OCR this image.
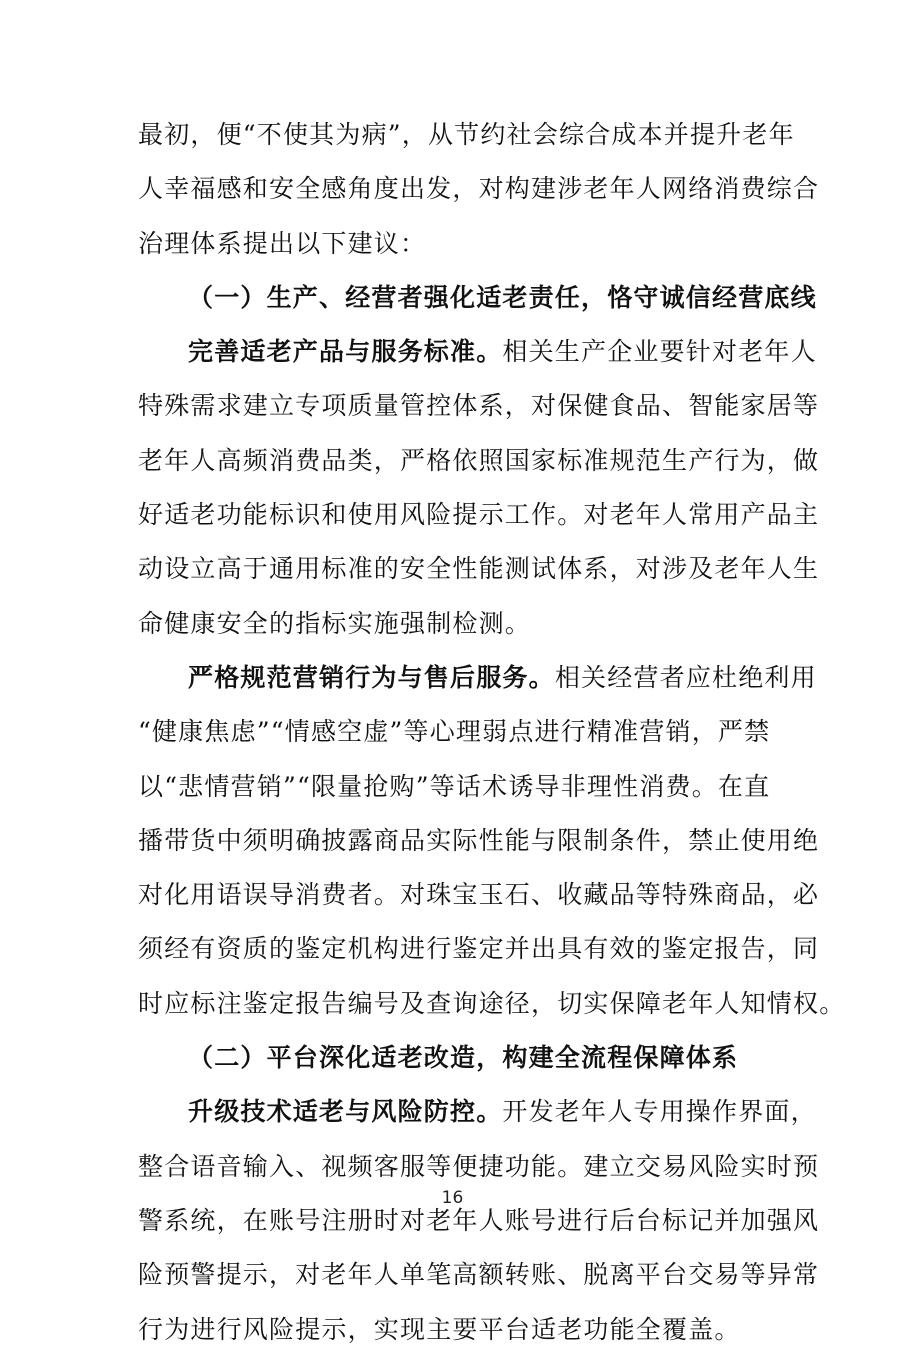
最初，便“不使其为病”，从节约社会综合成本并提升老年
人幸福感和安全感角度出发，对构建涉老年人网络消费综合
治理体系提出以下建议：
（一）生产、经营者强化适老责任，恪守诚信经营底线
完善适老产品与服务标准。相关生产企业要针对老年人
特殊需求建立专项质量管控体系，对保健食品、智能家居等
老年人高频消费品类，严格依照国家标准规范生产行为，做
好适老功能标识和使用风险提示工作。对老年人常用产品主
动设立高于通用标准的安全性能测试体系，对涉及老年人生
命健康安全的指标实施强制检测。
严格规范营销行为与售后服务。相关经营者应杜绝利用
“健康焦虑”“情感空虚”等心理弱点进行精准营销，严禁
以“悲情营销”“限量抢购”等话术诱导非理性消费。在直
播带货中须明确披露商品实际性能与限制条件，禁止使用绝
对化用语误导消费者。对珠宝玉石、收藏品等特殊商品，必
须经有资质的鉴定机构进行鉴定并出具有效的鉴定报告，同
时应标注鉴定报告编号及查询途径，切实保障老年人知情权。
（二）平台深化适老改造，构建全流程保障体系
升级技术适老与风险防控。开发老年人专用操作界面，
整合语音输入、视频客服等便捷功能。建立交易风险实时预
警系统，在账号注册时对老年人账号进行后台标记并加强风
险预警提示，对老年人单笔高额转账、脱离平台交易等异常
行为进行风险提示，实现主要平台适老功能全覆盖。
16
